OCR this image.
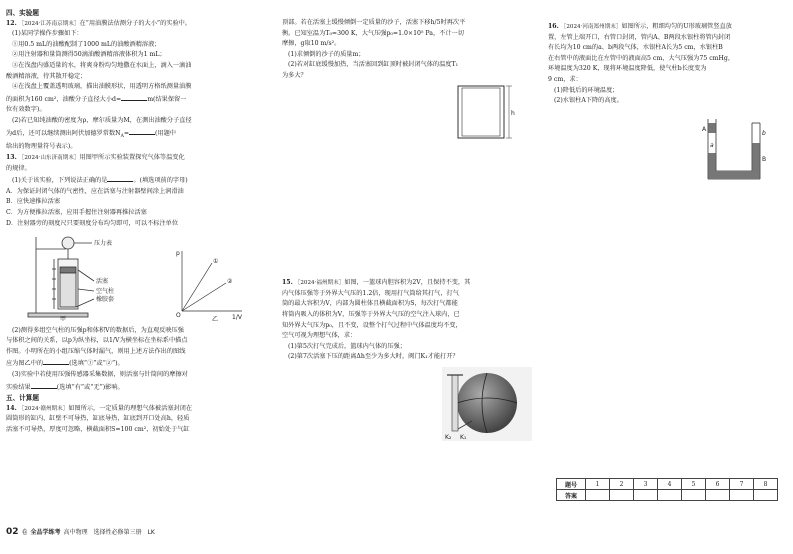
四、实验题

12. ［2024·江苏南京期末］在“用油膜法估测分子的大小”的实验中。

(1)某同学操作步骤如下：

①用0.5 mL的油酸配制了1000 mL的油酸酒精溶液；

②用注射器和量筒测得50滴油酸酒精溶液体积为1 mL；

③在浅盘内盛适量的水，将爽身粉均匀地撒在水面上，滴入一滴油

酸酒精溶液，待其散开稳定；

④在浅盘上覆盖透明玻璃，描出油膜形状，用透明方格纸测量油膜

的面积为160 cm²，油酸分子直径大小d=	m(结果保留一

位有效数字)。

(2)若已知纯油酸的密度为ρ，摩尔质量为M，在测出油酸分子直径

为d后，还可以继续测出阿伏加德罗常数$N_A=$	(用题中

给出的物理量符号表示)。

13. ［2024·山东济南期末］用图甲所示实验装置探究气体等温变化

的规律。

(1)关于该实验，下列说法正确的是	。(填选项前的字母)

A．为保证封闭气体的气密性，应在活塞与注射器壁间涂上润滑油

B．应快速推拉活塞

C．为方便推拉活塞，应用手握住注射器再推拉活塞

D．注射器旁的刻度尺只要刻度分布均匀即可，可以不标注单位

压力表
活塞
空气柱
橡胶套
甲
p
O	1/V
①
②
乙

(2)测得多组空气柱的压强p和体积V的数据后，为直观反映压强

与体积之间的关系，以p为纵坐标，以1/V为横坐标在坐标系中描点

作图。小明所在的小组压缩气体时漏气，则用上述方法作出的图线

应为图乙中的	(选填“①”或“②”)。

(3)实验中若使用压强传感器采集数据，则活塞与针筒间的摩擦对

实验结果	(选填“有”或“无”)影响。

五、计算题

14. ［2024·赣州期末］如图所示，一定质量的理想气体被活塞封闭在

圆筒形的缸内，缸壁不可导热，缸底导热，缸底到开口处高h，轻质

活塞不可导热，厚度可忽略，横截面积S=100 cm²，初始处于气缸

顶部。若在活塞上缓慢倾倒一定质量的沙子，活塞下移h/5时再次平

衡。已知室温为T₀=300 K，大气压强p₀=1.0×10⁵ Pa，不计一切

摩擦，g取10 m/s²。

(1)求倾倒的沙子的质量m；

(2)若对缸底缓慢加热，当活塞回到缸顶时被封闭气体的温度T₁

为多大？

h

15. ［2024·福州期末］如图，一篮球内胆容积为2V，且保持不变，其

内气体压强等于外界大气压的1.2倍，现用打气筒给其打气，打气

筒的最大容积为V，内部为圆柱体且横截面积为S，每次打气都能

将筒内吸入的体积为V，压强等于外界大气压的空气注入球内，已

知外界大气压为p₀，且不变，设整个打气过程中气体温度均不变，

空气可视为理想气体，求：

(1)第5次打气完成后，篮球内气体的压强；

(2)第7次活塞下压的距离Δh至少为多大时，阀门K₁才能打开？

K₂ K₁

16. ［2024·河南郑州期末］如图所示，粗细均匀的U形玻璃管竖直放

置，左管上端开口，右管口封闭，管内A、B两段水银柱将管内封闭

有长均为10 cm的a、b两段气体，水银柱A长为5 cm，水银柱B

在右管中的液面比在左管中的液面高5 cm，大气压强为75 cmHg，

环境温度为320 K，现将环境温度降低，使气柱b长度变为

9 cm，求：

(1)降低后的环境温度；

(2)水银柱A下降的高度。

A
a
b
B
题号	1	2	3	4	5	6	7	8
答案								
02 卷 全品学练考 高中物理　选择性必修第三册　LK
